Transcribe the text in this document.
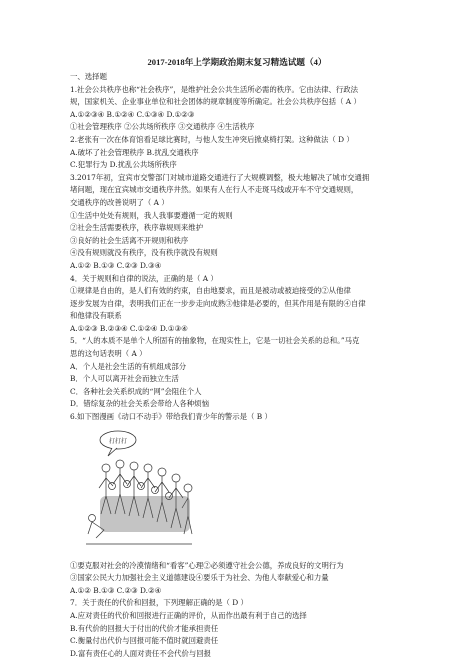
2017-2018年上学期政治期末复习精选试题（4）
一、选择题
1.社会公共秩序也称“社会秩序”，是维护社会公共生活所必需的秩序。它由法律、行政法
规，国家机关、企业事业单位和社会团体的规章制度等所确定。社会公共秩序包括（ A ）
A.①②③④ B.①②④ C.①③④ D.①②③
①社会管理秩序 ②公共场所秩序 ③交通秩序 ④生活秩序
2.老张有一次在体育馆看足球比赛时，与他人发生冲突后掀桌椅打架。这种做法（ D ）
A.破坏了社会管理秩序 B.扰乱交通秩序
C.犯罪行为 D.扰乱公共场所秩序
3.2017年初，宜宾市交警部门对城市道路交通进行了大规模调整，极大地解决了城市交通拥
堵问题，现在宜宾城市交通秩序井然。如果有人在行人不走斑马线或开车不守交通规则，
交通秩序的改善说明了（ A ）
①生活中处处有规则，我人我事要遵循一定的规则
②社会生活需要秩序，秩序靠规则来维护
③良好的社会生活离不开规则和秩序
④没有规则就没有秩序，没有秩序就没有规则
A.①② B.①③ C.②③ D.③④
4．关于规则和自律的说法，正确的是（ A ）
①规律是自由的，是人们有效的约束，自由地要求，而且是被动或被迫接受的②从他律
逐步发展为自律，表明我们正在一步步走向成熟③他律是必要的，但其作用是有限的④自律
和他律没有联系
A.①②③ B.②③④ C.①②④ D.①③④
5．“人的本质不是单个人所固有的抽象物，在现实性上，它是一切社会关系的总和。”马克
思的这句话表明（ A ）
A．个人是社会生活的有机组成部分
B．个人可以离开社会而独立生活
C．各种社会关系织成的“网”会阻住个人
D．错综复杂的社会关系会带给人各种烦恼
6.如下图漫画《动口不动手》带给我们青少年的警示是（ B ）
打打打
①要克服对社会的冷漠情绪和“看客”心理②必须遵守社会公德，养成良好的文明行为
③国家公民大力加强社会主义道德建设④要乐于为社会、为他人奉献爱心和力量
A.①② B.①③ C.②③ D.②④
7．关于责任的代价和回报，下列理解正确的是（ D ）
A.应对责任的代价和回报进行正确的评价，从而作出最有利于自己的选择
B.有代价的回报大于付出的代价才能承担责任
C.衡量付出代价与回报可能不值时就回避责任
D.富有责任心的人面对责任不会代价与回报
